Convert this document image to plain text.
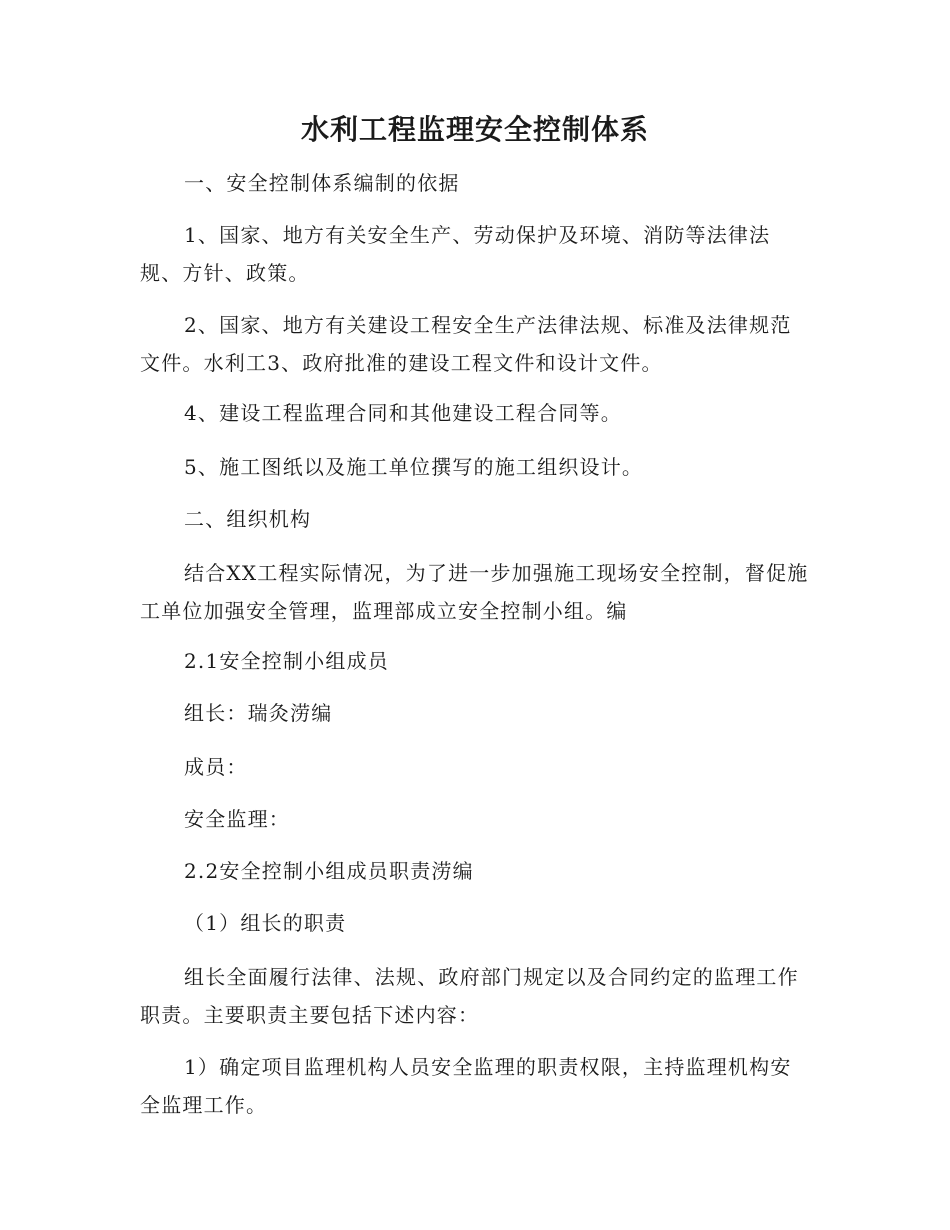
水利工程监理安全控制体系

一、安全控制体系编制的依据

1、国家、地方有关安全生产、劳动保护及环境、消防等法律法规、方针、政策。

2、国家、地方有关建设工程安全生产法律法规、标准及法律规范文件。水利工3、政府批准的建设工程文件和设计文件。

4、建设工程监理合同和其他建设工程合同等。

5、施工图纸以及施工单位撰写的施工组织设计。

二、组织机构

结合XX工程实际情况，为了进一步加强施工现场安全控制，督促施工单位加强安全管理，监理部成立安全控制小组。编

2.1安全控制小组成员

组长：瑞灸涝编

成员：

安全监理：

2.2安全控制小组成员职责涝编

（1）组长的职责

组长全面履行法律、法规、政府部门规定以及合同约定的监理工作职责。主要职责主要包括下述内容：

1）确定项目监理机构人员安全监理的职责权限，主持监理机构安全监理工作。
